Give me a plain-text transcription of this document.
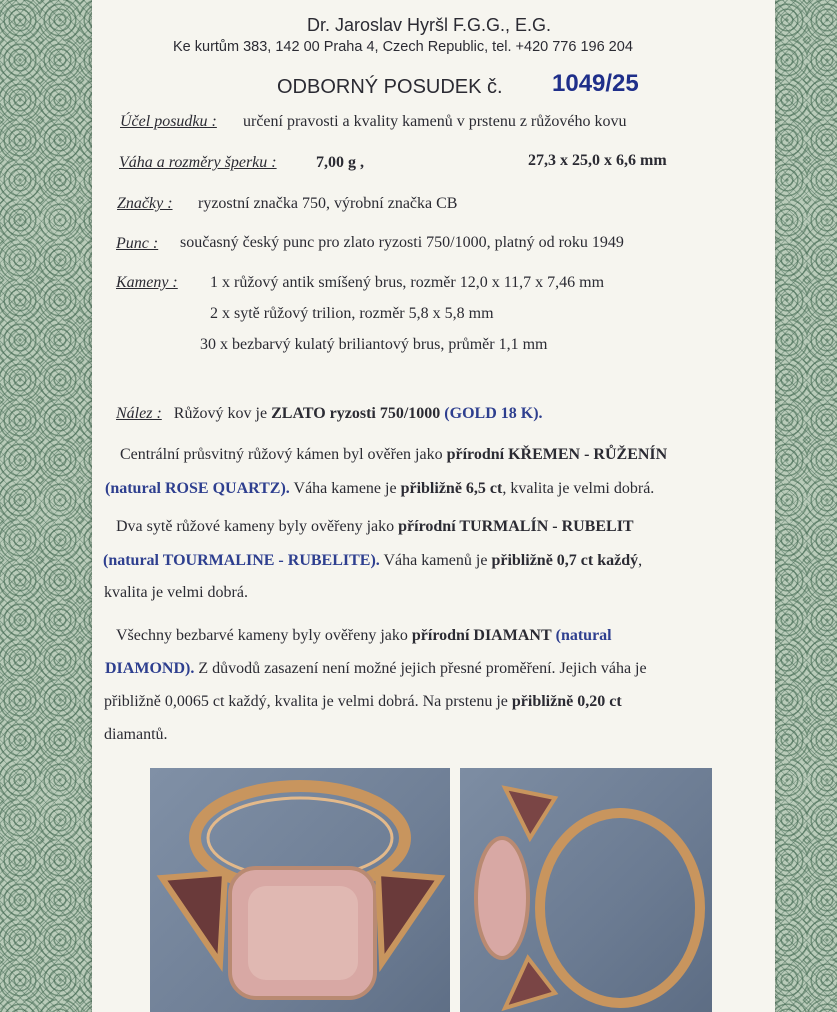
Dr. Jaroslav Hyršl F.G.G., E.G.
Ke kurtům 383, 142 00 Praha 4, Czech Republic, tel. +420 776 196 204
ODBORNÝ POSUDEK č. 1049/25
Účel posudku : určení pravosti a kvality kamenů v prstenu z růžového kovu
Váha a rozměry šperku : 7,00 g ,	27,3 x 25,0 x 6,6 mm
Značky : ryzostní značka 750, výrobní značka CB
Punc : současný český punc pro zlato ryzosti 750/1000, platný od roku 1949
Kameny : 1 x růžový antik smíšený brus, rozměr 12,0 x 11,7 x 7,46 mm
2 x sytě růžový trilion, rozměr 5,8 x 5,8 mm
30 x bezbarvý kulatý briliantový brus, průměr 1,1 mm
Nález : Růžový kov je ZLATO ryzosti 750/1000 (GOLD 18 K).
Centrální průsvitný růžový kámen byl ověřen jako přírodní KŘEMEN - RŮŽENÍN
(natural ROSE QUARTZ). Váha kamene je přibližně 6,5 ct, kvalita je velmi dobrá.
Dva sytě růžové kameny byly ověřeny jako přírodní TURMALÍN - RUBELIT
(natural TOURMALINE - RUBELITE). Váha kamenů je přibližně 0,7 ct každý,
kvalita je velmi dobrá.
Všechny bezbarvé kameny byly ověřeny jako přírodní DIAMANT (natural
DIAMOND). Z důvodů zasazení není možné jejich přesné proměření. Jejich váha je
přibližně 0,0065 ct každý, kvalita je velmi dobrá. Na prstenu je přibližně 0,20 ct
diamantů.
